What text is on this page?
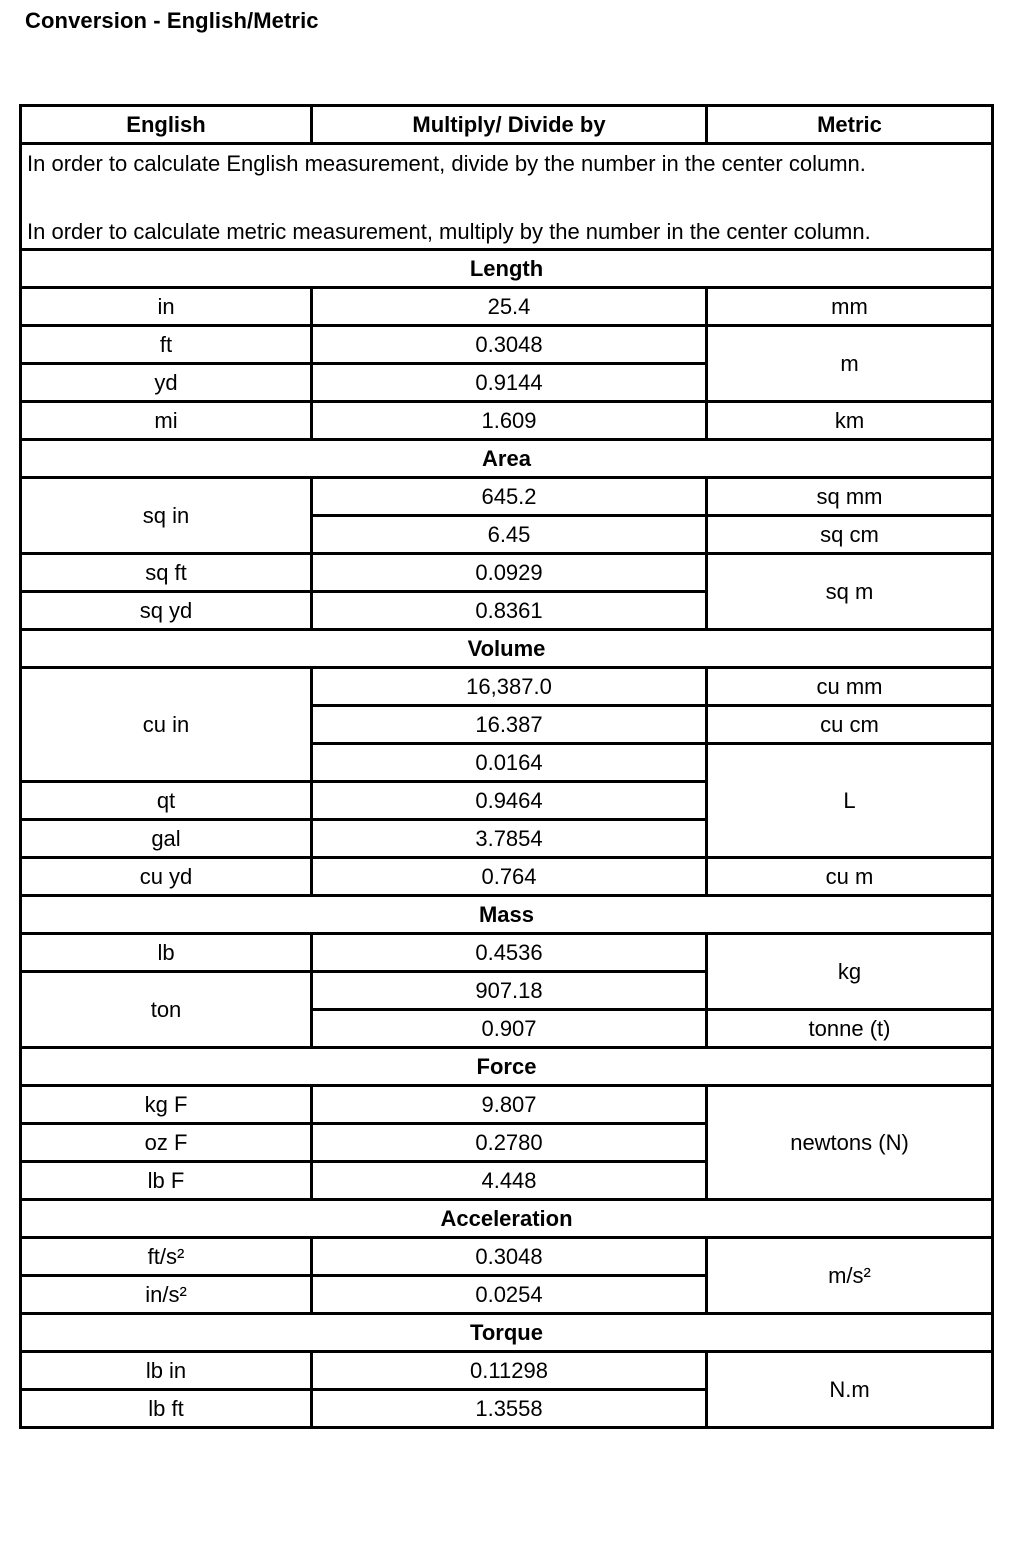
Conversion - English/Metric
English	Multiply/ Divide by	Metric

In order to calculate English measurement, divide by the number in the center column.
In order to calculate metric measurement, multiply by the number in the center column.		

Length		
in	25.4	mm
ft	0.3048	m
yd	0.9144	
mi	1.609	km
Area		
sq in	645.2	sq mm
	6.45	sq cm
sq ft	0.0929	sq m
sq yd	0.8361	
Volume		
cu in	16,387.0	cu mm
	16.387	cu cm
	0.0164	L
qt	0.9464	
gal	3.7854	
cu yd	0.764	cu m
Mass		
lb	0.4536	kg
ton	907.18	
	0.907	tonne (t)
Force		
kg F	9.807	newtons (N)
oz F	0.2780	
lb F	4.448	
Acceleration		
ft/s²	0.3048	m/s²
in/s²	0.0254	
Torque		
lb in	0.11298	N.m
lb ft	1.3558	
